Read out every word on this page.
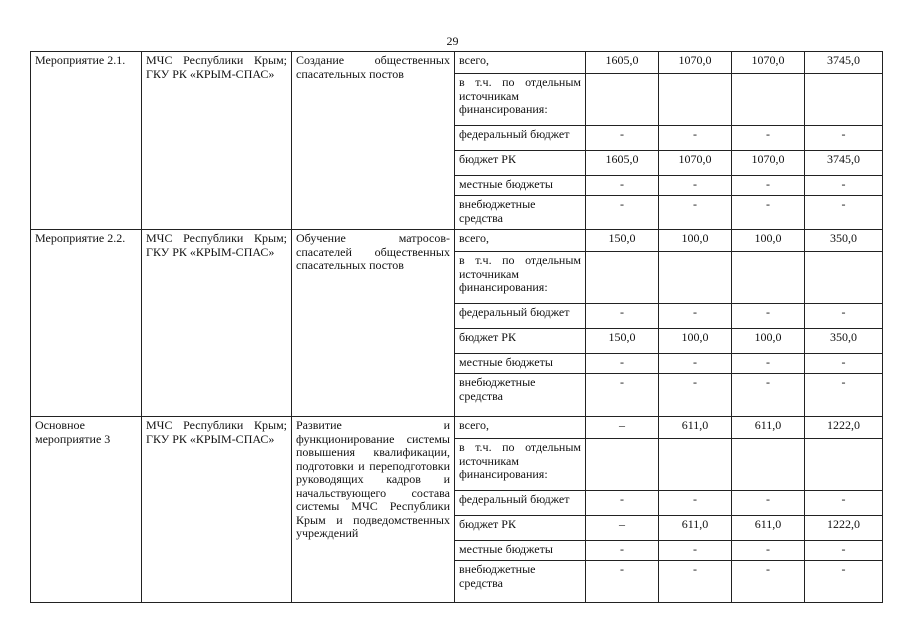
29
Мероприятие 2.1.	МЧС Республики Крым; ГКУ РК «КРЫМ-СПАС»	Создание общественных спасательных постов	всего,	1605,0	1070,0	1070,0	3745,0
			в т.ч. по отдельным источникам финансирования:				
			федеральный бюджет	-	-	-	-
			бюджет РК	1605,0	1070,0	1070,0	3745,0
			местные бюджеты	-	-	-	-
			внебюджетные средства	-	-	-	-
Мероприятие 2.2.	МЧС Республики Крым; ГКУ РК «КРЫМ-СПАС»	Обучение матросов-спасателей общественных спасательных постов	всего,	150,0	100,0	100,0	350,0
			в т.ч. по отдельным источникам финансирования:				
			федеральный бюджет	-	-	-	-
			бюджет РК	150,0	100,0	100,0	350,0
			местные бюджеты	-	-	-	-
			внебюджетные средства	-	-	-	-
Основное мероприятие 3	МЧС Республики Крым; ГКУ РК «КРЫМ-СПАС»	Развитие и функционирование системы повышения квалификации, подготовки и переподготовки руководящих кадров и начальствующего состава системы МЧС Республики Крым и подведомственных учреждений	всего,	–	611,0	611,0	1222,0
			в т.ч. по отдельным источникам финансирования:				
			федеральный бюджет	-	-	-	-
			бюджет РК	–	611,0	611,0	1222,0
			местные бюджеты	-	-	-	-
			внебюджетные средства	-	-	-	-
